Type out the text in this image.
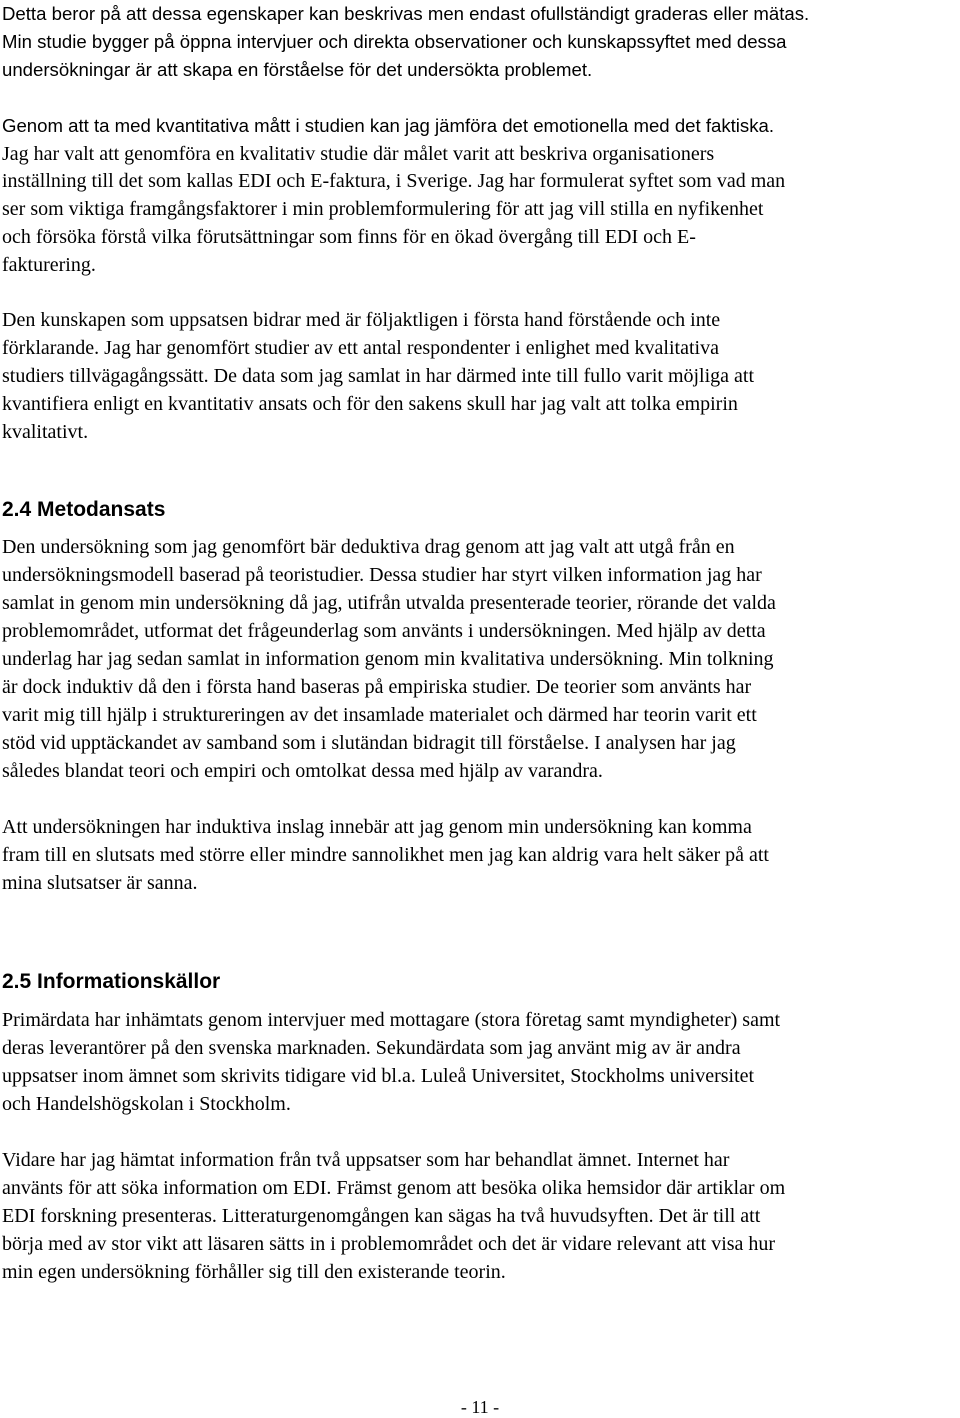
Detta beror på att dessa egenskaper kan beskrivas men endast ofullständigt graderas eller mätas.
Min studie bygger på öppna intervjuer och direkta observationer och kunskapssyftet med dessa
undersökningar är att skapa en förståelse för det undersökta problemet.
Genom att ta med kvantitativa mått i studien kan jag jämföra det emotionella med det faktiska.
Jag har valt att genomföra en kvalitativ studie där målet varit att beskriva organisationers
inställning till det som kallas EDI och E-faktura, i Sverige. Jag har formulerat syftet som vad man
ser som viktiga framgångsfaktorer i min problemformulering för att jag vill stilla en nyfikenhet
och försöka förstå vilka förutsättningar som finns för en ökad övergång till EDI och E-
fakturering.
Den kunskapen som uppsatsen bidrar med är följaktligen i första hand förstående och inte
förklarande. Jag har genomfört studier av ett antal respondenter i enlighet med kvalitativa
studiers tillvägagångssätt. De data som jag samlat in har därmed inte till fullo varit möjliga att
kvantifiera enligt en kvantitativ ansats och för den sakens skull har jag valt att tolka empirin
kvalitativt.
2.4 Metodansats
Den undersökning som jag genomfört bär deduktiva drag genom att jag valt att utgå från en
undersökningsmodell baserad på teoristudier. Dessa studier har styrt vilken information jag har
samlat in genom min undersökning då jag, utifrån utvalda presenterade teorier, rörande det valda
problemområdet, utformat det frågeunderlag som använts i undersökningen. Med hjälp av detta
underlag har jag sedan samlat in information genom min kvalitativa undersökning. Min tolkning
är dock induktiv då den i första hand baseras på empiriska studier. De teorier som använts har
varit mig till hjälp i struktureringen av det insamlade materialet och därmed har teorin varit ett
stöd vid upptäckandet av samband som i slutändan bidragit till förståelse. I analysen har jag
således blandat teori och empiri och omtolkat dessa med hjälp av varandra.
Att undersökningen har induktiva inslag innebär att jag genom min undersökning kan komma
fram till en slutsats med större eller mindre sannolikhet men jag kan aldrig vara helt säker på att
mina slutsatser är sanna.
2.5 Informationskällor
Primärdata har inhämtats genom intervjuer med mottagare (stora företag samt myndigheter) samt
deras leverantörer på den svenska marknaden. Sekundärdata som jag använt mig av är andra
uppsatser inom ämnet som skrivits tidigare vid bl.a. Luleå Universitet, Stockholms universitet
och Handelshögskolan i Stockholm.
Vidare har jag hämtat information från två uppsatser som har behandlat ämnet. Internet har
använts för att söka information om EDI. Främst genom att besöka olika hemsidor där artiklar om
EDI forskning presenteras. Litteraturgenomgången kan sägas ha två huvudsyften. Det är till att
börja med av stor vikt att läsaren sätts in i problemområdet och det är vidare relevant att visa hur
min egen undersökning förhåller sig till den existerande teorin.
- 11 -
